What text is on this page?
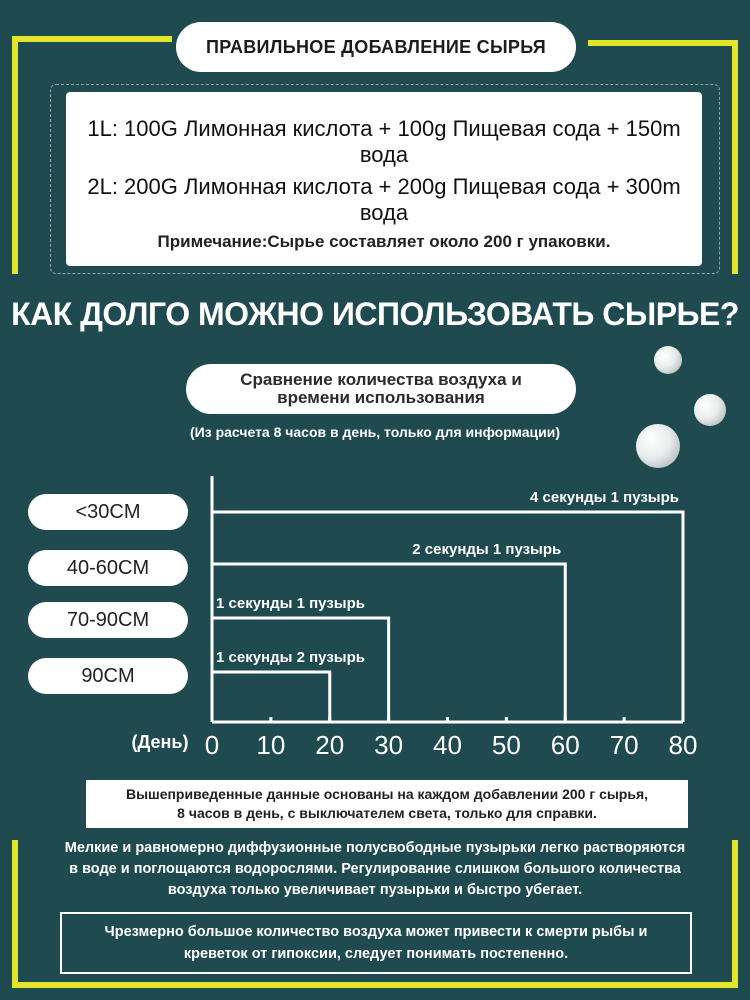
ПРАВИЛЬНОЕ ДОБАВЛЕНИЕ СЫРЬЯ
1L: 100G Лимонная кислота + 100g Пищевая сода + 150m вода
2L: 200G Лимонная кислота + 200g Пищевая сода + 300m вода
Примечание:Сырье составляет около 200 г упаковки.
КАК ДОЛГО МОЖНО ИСПОЛЬЗОВАТЬ СЫРЬЕ?
Сравнение количества воздуха и
времени использования
(Из расчета 8 часов в день, только для информации)
<30CM
40-60CM
70-90CM
90CM
0 10 20 30 40 50 60 70 80
(День)
4 секунды 1 пузырь
2 секунды 1 пузырь
1 секунды 1 пузырь
1 секунды 2 пузырь
Вышеприведенные данные основаны на каждом добавлении 200 г сырья,
8 часов в день, с выключателем света, только для справки.
Мелкие и равномерно диффузионные полусвободные пузырьки легко растворяются
в воде и поглощаются водорослями. Регулирование слишком большого количества
воздуха только увеличивает пузырьки и быстро убегает.
Чрезмерно большое количество воздуха может привести к смерти рыбы и
креветок от гипоксии, следует понимать постепенно.
